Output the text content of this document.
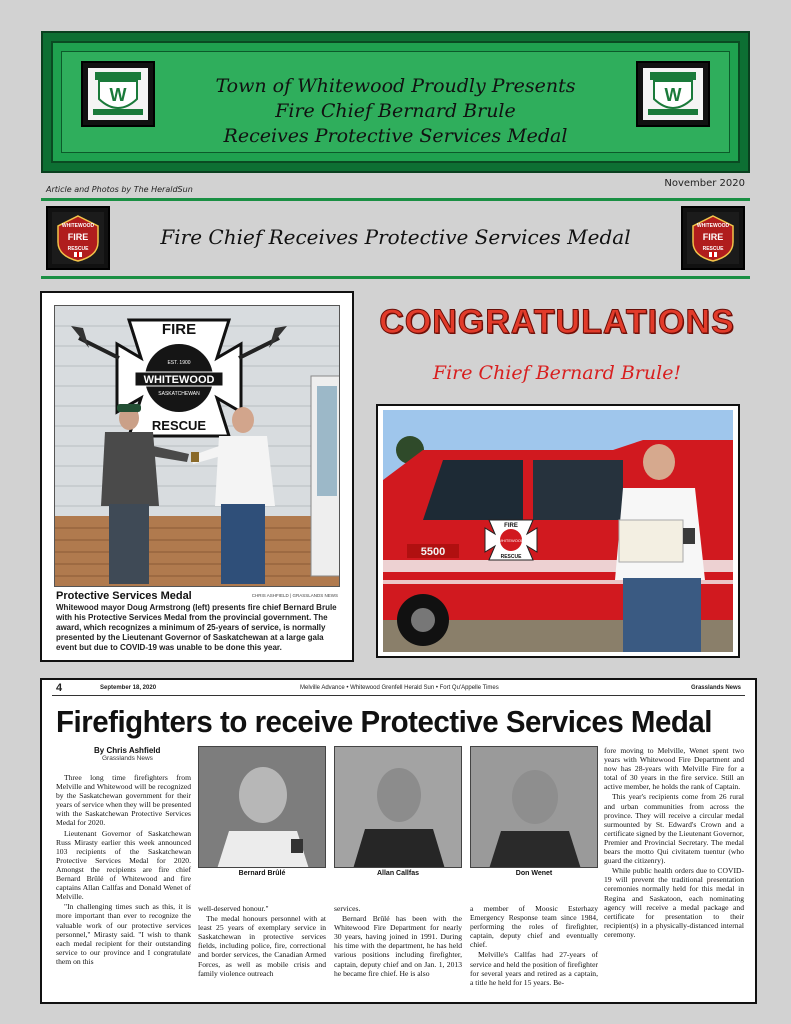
Town of Whitewood Proudly Presents
Fire Chief Bernard Brule
Receives Protective Services Medal
W	W
Article and Photos by The HeraldSun
November 2020
WHITEWOOD
FIRE
RESCUE	Fire Chief Receives Protective Services Medal	WHITEWOOD
FIRE
RESCUE
FIRE
EST. 1900
WHITEWOOD
SASKATCHEWAN
RESCUE
Protective Services Medal	CHRIS ASHFIELD | GRASSLANDS NEWS
Whitewood mayor Doug Armstrong (left) presents fire chief Bernard Brule with his Protective Services Medal from the provincial government. The award, which recognizes a minimum of 25-years of service, is normally presented by the Lieutenant Governor of Saskatchewan at a large gala event but due to COVID-19 was unable to be done this year.
CONGRATULATIONS
Fire Chief Bernard Brule!
5500
FIRE
WHITEWOOD
RESCUE
4	September 18, 2020	Melville Advance • Whitewood Grenfell Herald Sun • Fort Qu'Appelle Times	Grasslands News
Firefighters to receive Protective Services Medal
By Chris Ashfield
Grasslands News

Three long time firefighters from Melville and Whitewood will be recognized by the Saskatchewan government for their years of service when they will be presented with the Saskatchewan Protective Services Medal for 2020.

Lieutenant Governor of Saskatchewan Russ Mirasty earlier this week announced 103 recipients of the Saskatchewan Protective Services Medal for 2020. Amongst the recipients are fire chief Bernard Brûlé of Whitewood and fire captains Allan Callfas and Donald Wenet of Melville.

"In challenging times such as this, it is more important than ever to recognize the valuable work of our protective services personnel," Mirasty said. "I wish to thank each medal recipient for their outstanding service to our province and I congratulate them on this

Bernard Brûlé	Allan Callfas	Don Wenet

well-deserved honour."

The medal honours personnel with at least 25 years of exemplary service in Saskatchewan in protective services fields, including police, fire, correctional and border services, the Canadian Armed Forces, as well as mobile crisis and family violence outreach

services.

Bernard Brûlé has been with the Whitewood Fire Department for nearly 30 years, having joined in 1991. During his time with the department, he has held various positions including firefighter, captain, deputy chief and on Jan. 1, 2013 he became fire chief. He is also

a member of Moosic Esterhazy Emergency Response team since 1984, performing the roles of firefighter, captain, deputy chief and eventually chief.

Melville's Callfas had 27-years of service and held the position of firefighter for several years and retired as a captain, a title he held for 15 years. Be-

fore moving to Melville, Wenet spent two years with Whitewood Fire Department and now has 28-years with Melville Fire for a total of 30 years in the fire service. Still an active member, he holds the rank of Captain.

This year's recipients come from 26 rural and urban communities from across the province. They will receive a circular medal surmounted by St. Edward's Crown and a certificate signed by the Lieutenant Governor, Premier and Provincial Secretary. The medal bears the motto Qui civitatem tuentur (who guard the citizenry).

While public health orders due to COVID-19 will prevent the traditional presentation ceremonies normally held for this medal in Regina and Saskatoon, each nominating agency will receive a medal package and certificate for presentation to their recipient(s) in a physically-distanced internal ceremony.
